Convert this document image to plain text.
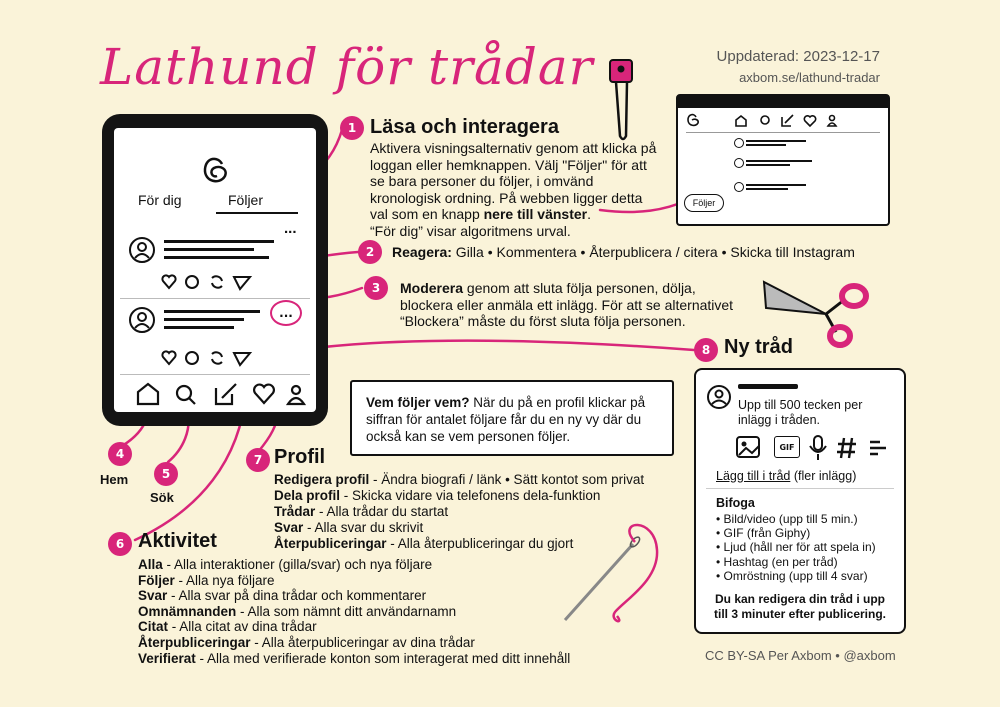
Lathund för trådar	Uppdaterad: 2023-12-17
axbom.se/lathund-tradar
För dig	Följer
...
...
Följer
1 Läsa och interagera
Aktivera visningsalternativ genom att klicka på
loggan eller hemknappen. Välj "Följer" för att
se bara personer du följer, i omvänd
kronologisk ordning. På webben ligger detta
val som en knapp nere till vänster.
“För dig” visar algoritmens urval.
2	Reagera: Gilla • Kommentera • Återpublicera / citera • Skicka till Instagram
3	Moderera genom att sluta följa personen, dölja,
blockera eller anmäla ett inlägg. För att se alternativet
“Blockera” måste du först sluta följa personen.
Vem följer vem? När du på en profil klickar på
siffran för antalet följare får du en ny vy där du
också kan se vem personen följer.
4
Hem	5
Sök
7 Profil
Redigera profil - Ändra biografi / länk • Sätt kontot som privat
Dela profil - Skicka vidare via telefonens dela-funktion
Trådar - Alla trådar du startat
Svar - Alla svar du skrivit
Återpubliceringar - Alla återpubliceringar du gjort
6 Aktivitet
Alla - Alla interaktioner (gilla/svar) och nya följare
Följer - Alla nya följare
Svar - Alla svar på dina trådar och kommentarer
Omnämnanden - Alla som nämnt ditt användarnamn
Citat - Alla citat av dina trådar
Återpubliceringar - Alla återpubliceringar av dina trådar
Verifierat - Alla med verifierade konton som interagerat med ditt innehåll
8 Ny tråd
Upp till 500 tecken per
inlägg i tråden.
GIF
Lägg till i tråd (fler inlägg)
Bifoga
• Bild/video (upp till 5 min.)
• GIF (från Giphy)
• Ljud (håll ner för att spela in)
• Hashtag (en per tråd)
• Omröstning (upp till 4 svar)
Du kan redigera din tråd i upp
till 3 minuter efter publicering.
CC BY-SA Per Axbom • @axbom
